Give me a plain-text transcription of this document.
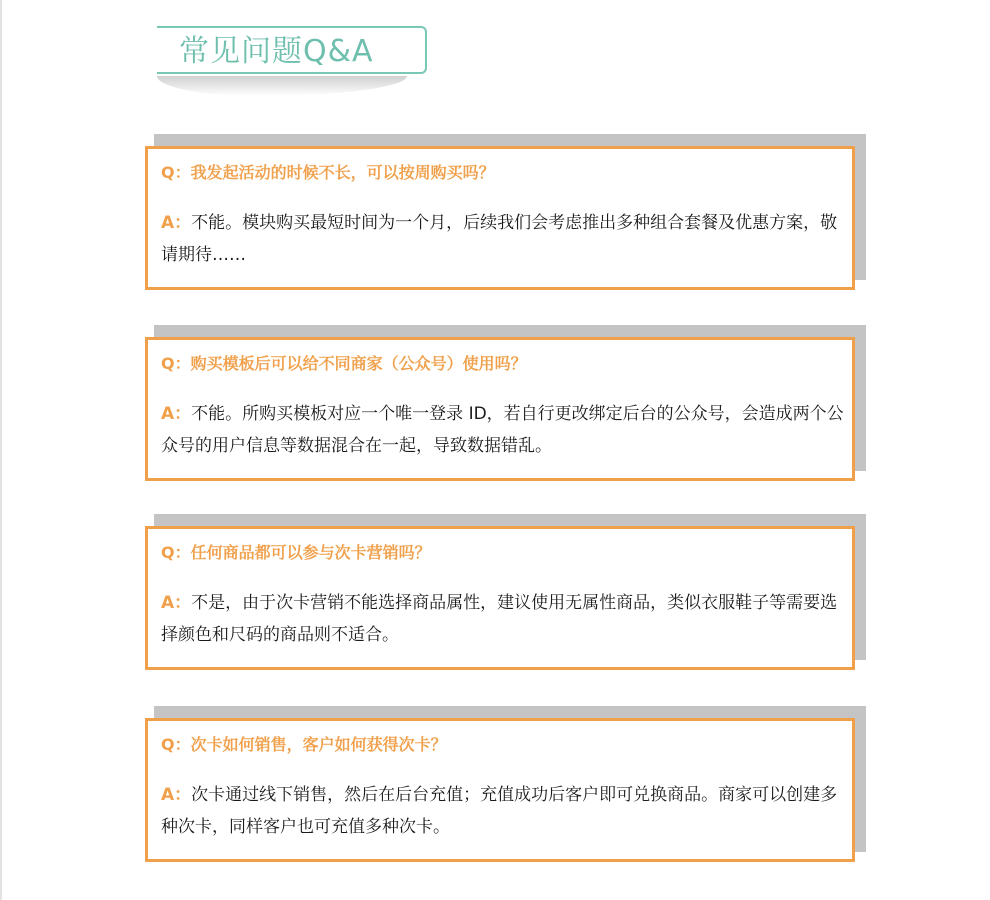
常见问题Q&A
Q：我发起活动的时候不长，可以按周购买吗？
A：不能。模块购买最短时间为一个月，后续我们会考虑推出多种组合套餐及优惠方案，敬请期待……
Q：购买模板后可以给不同商家（公众号）使用吗？
A：不能。所购买模板对应一个唯一登录 ID，若自行更改绑定后台的公众号，会造成两个公众号的用户信息等数据混合在一起，导致数据错乱。
Q：任何商品都可以参与次卡营销吗？
A：不是，由于次卡营销不能选择商品属性，建议使用无属性商品，类似衣服鞋子等需要选择颜色和尺码的商品则不适合。
Q：次卡如何销售，客户如何获得次卡？
A：次卡通过线下销售，然后在后台充值；充值成功后客户即可兑换商品。商家可以创建多种次卡，同样客户也可充值多种次卡。
